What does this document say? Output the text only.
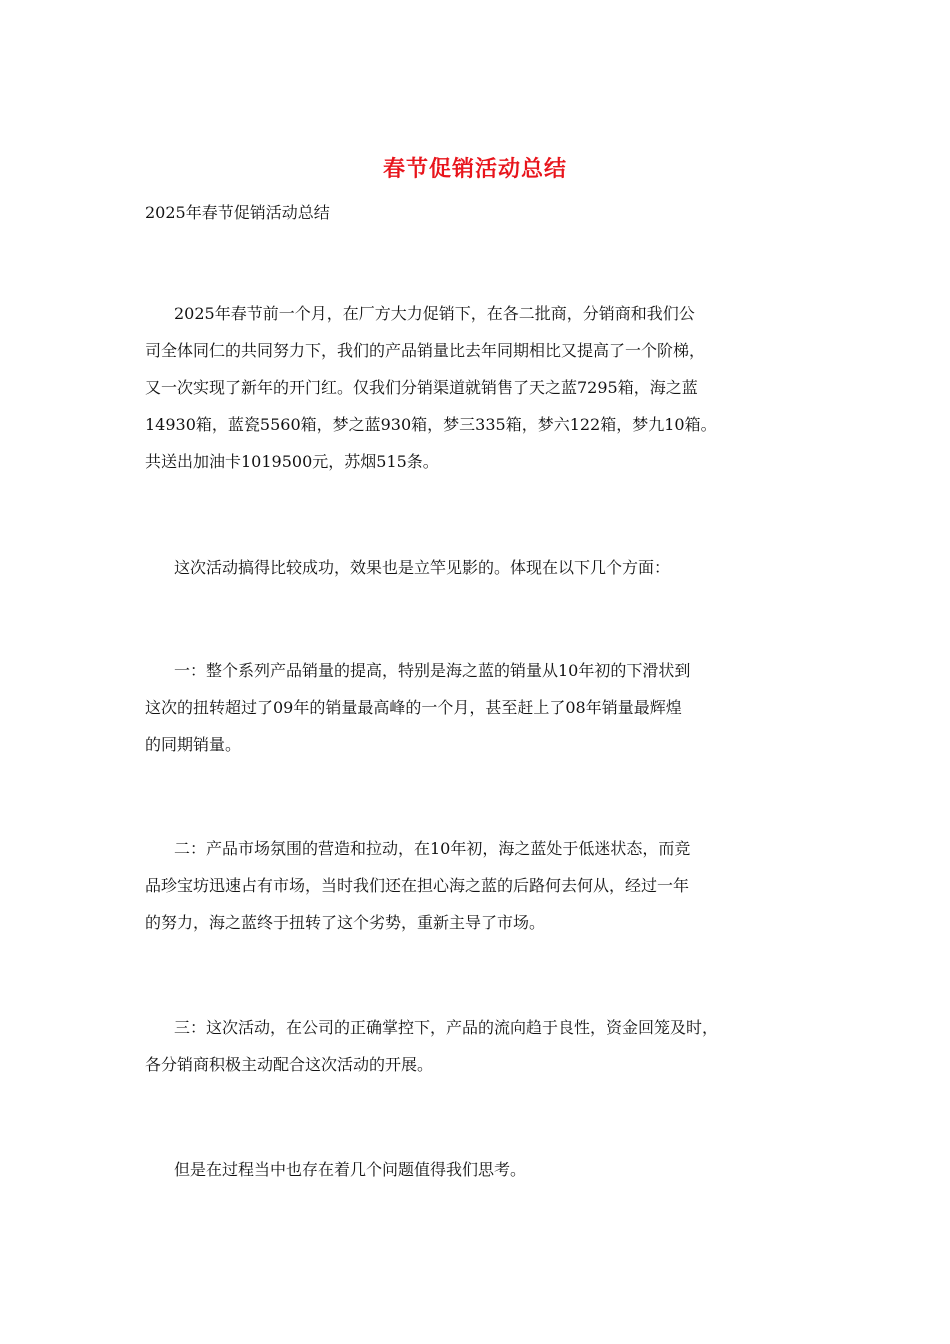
春节促销活动总结
2025年春节促销活动总结
2025年春节前一个月，在厂方大力促销下，在各二批商，分销商和我们公
司全体同仁的共同努力下，我们的产品销量比去年同期相比又提高了一个阶梯，
又一次实现了新年的开门红。仅我们分销渠道就销售了天之蓝7295箱，海之蓝
14930箱，蓝瓷5560箱，梦之蓝930箱，梦三335箱，梦六122箱，梦九10箱。
共送出加油卡1019500元，苏烟515条。
这次活动搞得比较成功，效果也是立竿见影的。体现在以下几个方面：
一：整个系列产品销量的提高，特别是海之蓝的销量从10年初的下滑状到
这次的扭转超过了09年的销量最高峰的一个月，甚至赶上了08年销量最辉煌
的同期销量。
二：产品市场氛围的营造和拉动，在10年初，海之蓝处于低迷状态，而竞
品珍宝坊迅速占有市场，当时我们还在担心海之蓝的后路何去何从，经过一年
的努力，海之蓝终于扭转了这个劣势，重新主导了市场。
三：这次活动，在公司的正确掌控下，产品的流向趋于良性，资金回笼及时，
各分销商积极主动配合这次活动的开展。
但是在过程当中也存在着几个问题值得我们思考。
